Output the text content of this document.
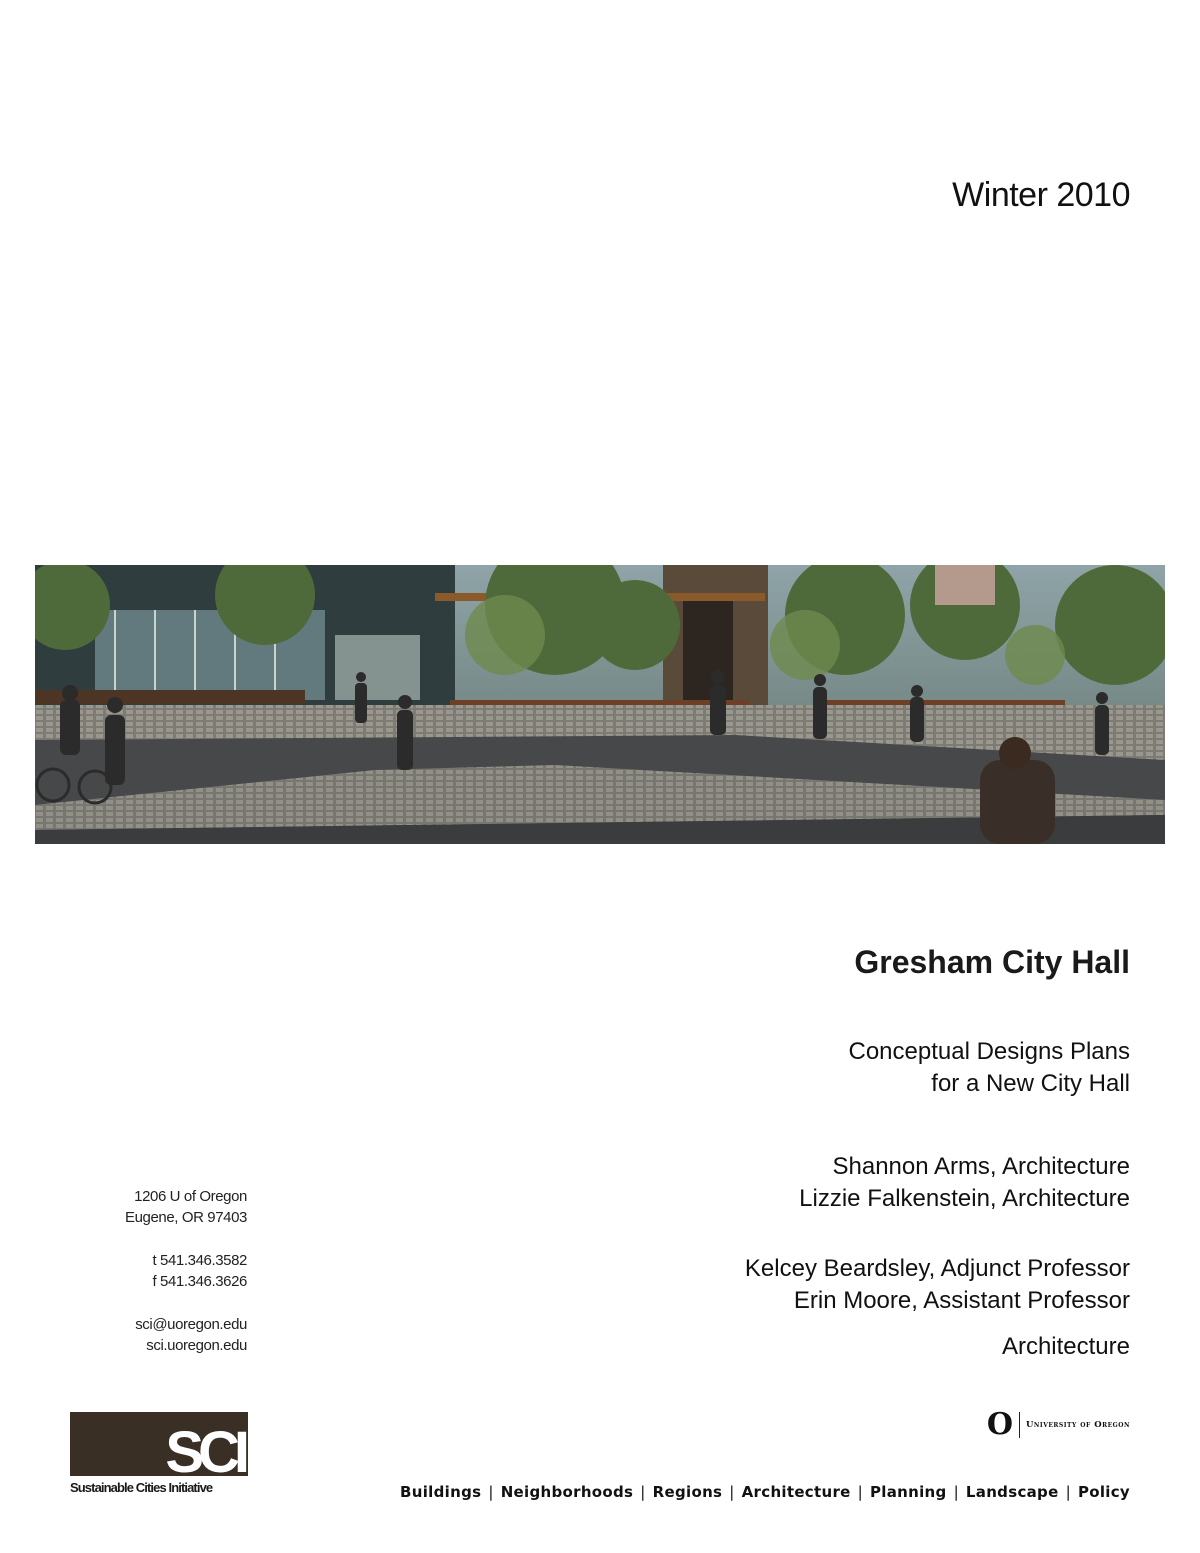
Winter 2010
Gresham City Hall
Conceptual Designs Plans
for a New City Hall
Shannon Arms, Architecture
Lizzie Falkenstein, Architecture
Kelcey Beardsley, Adjunct Professor
Erin Moore, Assistant Professor
Architecture
1206 U of Oregon
Eugene, OR 97403
t 541.346.3582
f 541.346.3626
sci@uoregon.edu
sci.uoregon.edu
SCI
Sustainable Cities Initiative
O University of Oregon
Buildings | Neighborhoods | Regions | Architecture | Planning | Landscape | Policy
